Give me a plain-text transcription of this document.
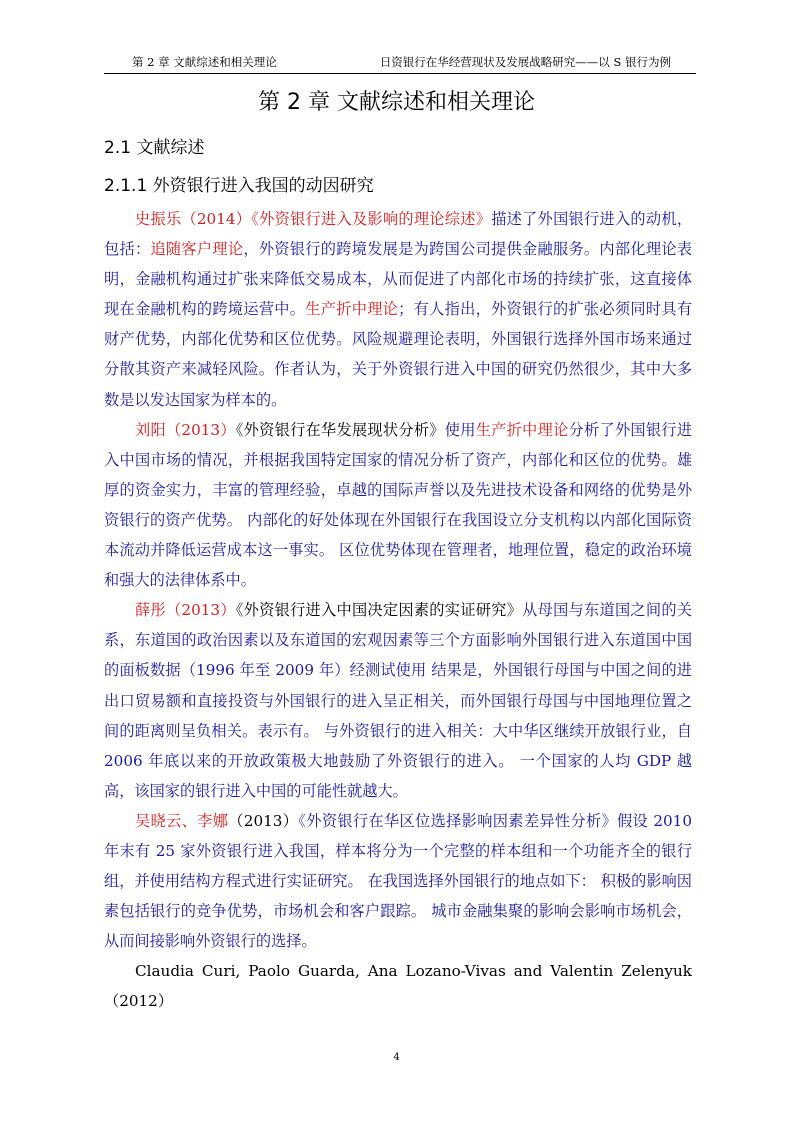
第 2 章 文献综述和相关理论	日资银行在华经营现状及发展战略研究——以 S 银行为例
第 2 章 文献综述和相关理论
2.1 文献综述
2.1.1 外资银行进入我国的动因研究

史振乐（2014）《外资银行进入及影响的理论综述》描述了外国银行进入的动机，包括：追随客户理论，外资银行的跨境发展是为跨国公司提供金融服务。内部化理论表明，金融机构通过扩张来降低交易成本，从而促进了内部化市场的持续扩张，这直接体现在金融机构的跨境运营中。生产折中理论；有人指出，外资银行的扩张必须同时具有财产优势，内部化优势和区位优势。风险规避理论表明，外国银行选择外国市场来通过分散其资产来减轻风险。作者认为，关于外资银行进入中国的研究仍然很少，其中大多数是以发达国家为样本的。

刘阳（2013）《外资银行在华发展现状分析》使用生产折中理论分析了外国银行进入中国市场的情况，并根据我国特定国家的情况分析了资产，内部化和区位的优势。雄厚的资金实力，丰富的管理经验，卓越的国际声誉以及先进技术设备和网络的优势是外资银行的资产优势。 内部化的好处体现在外国银行在我国设立分支机构以内部化国际资本流动并降低运营成本这一事实。 区位优势体现在管理者，地理位置，稳定的政治环境和强大的法律体系中。

薛彤（2013）《外资银行进入中国决定因素的实证研究》从母国与东道国之间的关系，东道国的政治因素以及东道国的宏观因素等三个方面影响外国银行进入东道国中国的面板数据（1996 年至 2009 年）经测试使用 结果是，外国银行母国与中国之间的进出口贸易额和直接投资与外国银行的进入呈正相关，而外国银行母国与中国地理位置之间的距离则呈负相关。表示有。 与外资银行的进入相关：大中华区继续开放银行业，自 2006 年底以来的开放政策极大地鼓励了外资银行的进入。 一个国家的人均 GDP 越高，该国家的银行进入中国的可能性就越大。

吴晓云、李娜（2013）《外资银行在华区位选择影响因素差异性分析》假设 2010 年末有 25 家外资银行进入我国，样本将分为一个完整的样本组和一个功能齐全的银行组，并使用结构方程式进行实证研究。 在我国选择外国银行的地点如下： 积极的影响因素包括银行的竞争优势，市场机会和客户跟踪。 城市金融集聚的影响会影响市场机会，从而间接影响外资银行的选择。

Claudia Curi, Paolo Guarda, Ana Lozano-Vivas and Valentin Zelenyuk （2012）

4
